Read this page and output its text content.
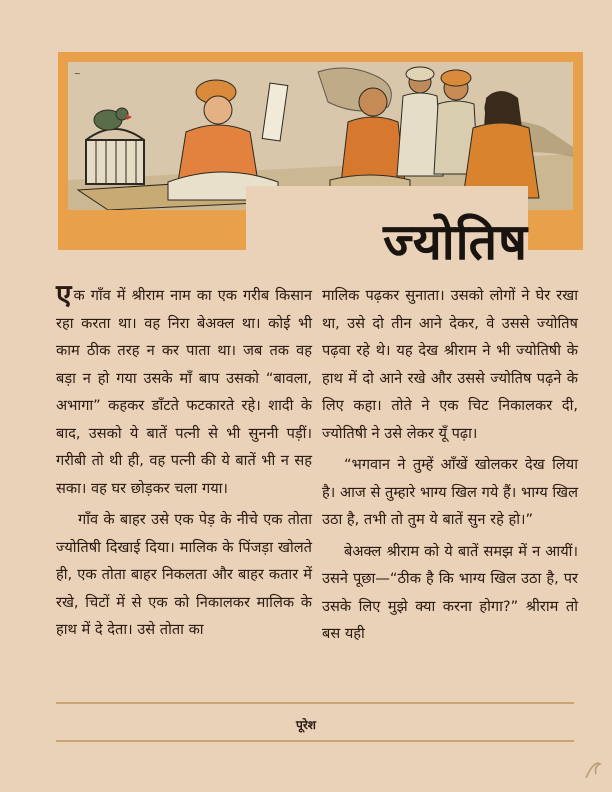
~
ज्योतिष

एक गाँव में श्रीराम नाम का एक गरीब किसान रहा करता था। वह निरा बेअक्ल था। कोई भी काम ठीक तरह न कर पाता था। जब तक वह बड़ा न हो गया उसके माँ बाप उसको “बावला, अभागा” कहकर डाँटते फटकारते रहे। शादी के बाद, उसको ये बातें पत्नी से भी सुननी पड़ीं। गरीबी तो थी ही, वह पत्नी की ये बातें भी न सह सका। वह घर छोड़कर चला गया।

गाँव के बाहर उसे एक पेड़ के नीचे एक तोता ज्योतिषी दिखाई दिया। मालिक के पिंजड़ा खोलते ही, एक तोता बाहर निकलता और बाहर कतार में रखे, चिटों में से एक को निकालकर मालिक के हाथ में दे देता। उसे तोता का

मालिक पढ़कर सुनाता। उसको लोगों ने घेर रखा था, उसे दो तीन आने देकर, वे उससे ज्योतिष पढ़वा रहे थे। यह देख श्रीराम ने भी ज्योतिषी के हाथ में दो आने रखे और उससे ज्योतिष पढ़ने के लिए कहा। तोते ने एक चिट निकालकर दी, ज्योतिषी ने उसे लेकर यूँ पढ़ा।

“भगवान ने तुम्हें आँखें खोलकर देख लिया है। आज से तुम्हारे भाग्य खिल गये हैं। भाग्य खिल उठा है, तभी तो तुम ये बातें सुन रहे हो।”

बेअक्ल श्रीराम को ये बातें समझ में न आयीं। उसने पूछा—“ठीक है कि भाग्य खिल उठा है, पर उसके लिए मुझे क्या करना होगा?” श्रीराम तो बस यही

पूरेश
